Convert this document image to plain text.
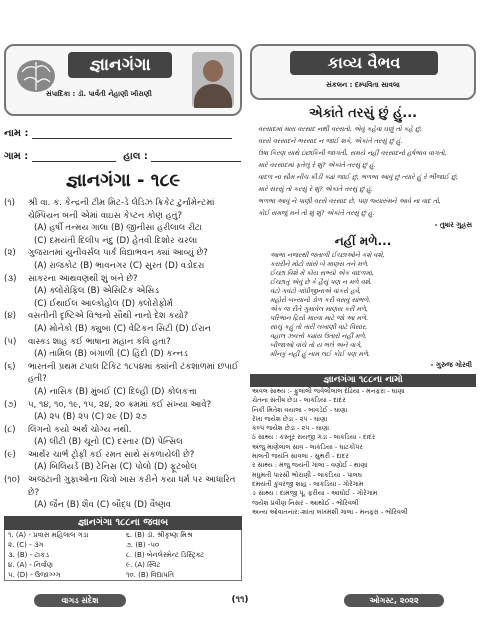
જ્ઞાનગંગા
સંપાદિકા : ડૉ. પાર્વતી નેહાણી ખીરાણી
નામ :
ગામ :	હાલ :
જ્ઞાનગંગા - ૧૮૯
(૧)	શ્રી વા. ક. કેન્દ્રની ટીમ મિટ-ડે લેડિઝ ક્રિકેટ ટુર્નામેન્ટમાં ચેમ્પિયન બની એમાં વાઇસ કેપ્ટન કોણ હતું?
(A) હર્ષી તન્મય ગાલા (B) જીનીસા હરીલાલ રીટા
(C) દમયંતી દિલીપ નંદુ (D) હેતવી દિશોર ચરલા
(૨)	ગુજરાતમાં યુનીવર્સલ પાર્ક વિદ્યાભવન ક્યાં આવ્યું છે?
(A) રાજકોટ (B) ભાવનગર (C) સુરત (D) વડોદરા
(૩)	સાકરના આથવણથી શું બને છે?
(A) ક્લોરોફિલ (B) એસિટિક એસિડ
(C) ઈથાઈલ આલ્કોહોલ (D) ક્લોરોફોર્મ
(૪)	વસતીની દૃષ્ટિએ વિશ્વનો સૌથી નાનો દેશ કયો?
(A) મોનેકો (B) ક્યુબા (C) વેટિકન સિટી (D) ઈરાન
(૫)	વાસ્ક્ડ શાહ કઈ ભાષાના મહાન કવિ હતા?
(A) તામિલ (B) બંગાળી (C) હિંદી (D) કન્નડ
(૬)	ભારતની પ્રથમ ટપાલ ટિકિટ ૧૮૫૪માં ક્યાંની ટંકશાળમાં છપાઈ હતી?
(A) નાસિક (B) મુંબઈ (C) દિલ્હી (D) કોલકત્તા
(૭)	૫, ૧૪, ૧૦, ૧૯, ૧૫, ૨૪, ૨૦ ક્રમમાં કઈ સંખ્યા આવે?
(A) ૨૫ (B) ૨૫ (C) ૨૯ (D) ૨૭
(૮)	લિંગનો કયો અર્થ ચોગ્ય નથી.
(A) લીટી (B) ચૂનો (C) દસ્તાર (D) પેન્સિલ
(૯)	આર્થર ચાર્ભ ટ્રોફી કઈ રમત સાથે સંકળાયેલી છે?
(A) બિલિયર્ડ (B) ટેનિસ (C) પોલો (D) ફૂટબોલ
(૧૦) અજંટાની ગુફાઓના ચિત્રો ખાસ કરીને કયા ધર્મ પર આધારિત છે?
(A) જૈન (B) શૈવ (C) બૌદ્ધ (D) વૈષ્ણવ
જ્ઞાનગંગા ૧૮૮ના જવાબ
૧. (A) - પ્રવાસ મહિલાલ ગડા	૬. (B) ડૉ. શ્રીકૃષ્ણ મિશ્ર
૨. (C) - ૩ંગ	૭. (B) -૫૦
૩. (B) - ટાકડ	૮. (B) બેનલેસ્મેન્ટ ડિસ્ટ્રિક્ટ
૪. (A) - નિર્વાણ	૯. (A) સ્વિટ
૫. (D) - ઉજાગ્ગ્ગ	૧૦. (B) વિદ્યાપતિ
કાવ્ય વૈભવ
સંકલન : દમ્પવિતા સાવલા
એકાંતે તરસું છું હું...

વરસાદમાં મારા વરસાદ નથી વરસતો, એવું કહેવા ઘણું તો કહે છું,

વરસે વરસાદને ભરસાદ ન જાઈ શકે, એકાંતે તરસું છું હું.

ઉષા કિરણ સાથે ઇંછાકિની જાગતી, સમયે નહીં વરસાદનો હર્ષભાવ વાગતો,

મારે વરસાદમાં ફતેલું રે શું? એકાંતે તરસું છું હું.

વાદળ ના સૌમ નીચ ક્રીડી ક્યાં જાઈ છું, ભળભા આવું છું ત્યારે હું રે ભીંજાઈ છું,

મારે સરસું તો કરસું રે શું? એકાંતે તરસું છું હું.

ભળભા આવું ને પાણી વરસે વરસાદ છે, પણ જ્યારુંમને આવે ના વાદ તો,

કોઈ સમજું મને તો શું શું? એકાંતે તરસું છું હું.

- તુષાર ગુહ્રસ
નહીં મળે...

આભા નજરથી જતાળી ઈચ્છાઓને કશે વશે,

કરારીને મોટો સાંસે બે માણસ તને મળે.

ઈચ્છા વિશે મેં કોય સભ્યો એક વાદળમાં,

ઈચ્છાતું એવું છે કે હૈયું પણ ન મળે વશે.

વંટો ગવંટો ગાંધીજીનાએ વાંકરો હવે,

મહોરો બન્યાનો ડોળ કરી વસવું સાંભળે.

એક જ રીતે ગુમાવેલ માણસ કરી મળે,

પરિભાન દ્રિયો મારવા માટે જો આ મળે.

સાચું કહું તો તારી લખાણી વાટે વિસાર,

વહાલ ઝવત્તો ક્યાંય ઉતારો નહીં મળે.

બીજાઓ વાંચે તો ય ભલે અને વાગે,

મીનકું નહીં હું નામ લઈ કોઈ પણ મળે.

- ગુરુજ ગોરવી
જ્ઞાનગંગા ૧૮૮ના નામો
અવલ સાથ્ય :- ફુલાલી જવેલીલાલ દેઢિયા - મનફરા - ઘાણા
ચેતના સતીષ છેડા - લાકડિયા - દાદર
નિકી મિતેશ વયાલા - બાવડેઈ - ઘાણા
રેખા જયેશ છેડા - ૨૫ - ઘાણા
કલ્પ જયેશ છેડા - ૨૫ - ઘાણા
ઠ સાથ્ય : કસ્તૂર રાયજી ગડા - લાકડિયા - દાદર
અંજુ માણેલાલ સાવ઼ - લાકડિયા - ઘાટકોપર
માલતી જયંતિ સાવલા - સુથરી - દાદર
ર સાથ્ય : મંજુ જયંતી ગાલા - વણોઈ - થાણા
મધુમતી પારસી ભોરાણી - લાકડિયા - પાલઘ
દમયંતી કુંવરજી શાહ - લાકડિયા - ગોરેગામ
ઙ સાથ્ય : દામજી પૂ. ફરીયા - આઘોઈ - ગોરેગામ
જયેશ પ્રવીણ નિસર - આથોઈ - ભોરિવલી
અન્ય ઓવાતનાર:-શાંતા લખમશી ગાલા - મનફરા - ભોરિવલી
વાગડ સંદેશ	(૧૧)	ઓગસ્ટ, ૨૦૨૨
